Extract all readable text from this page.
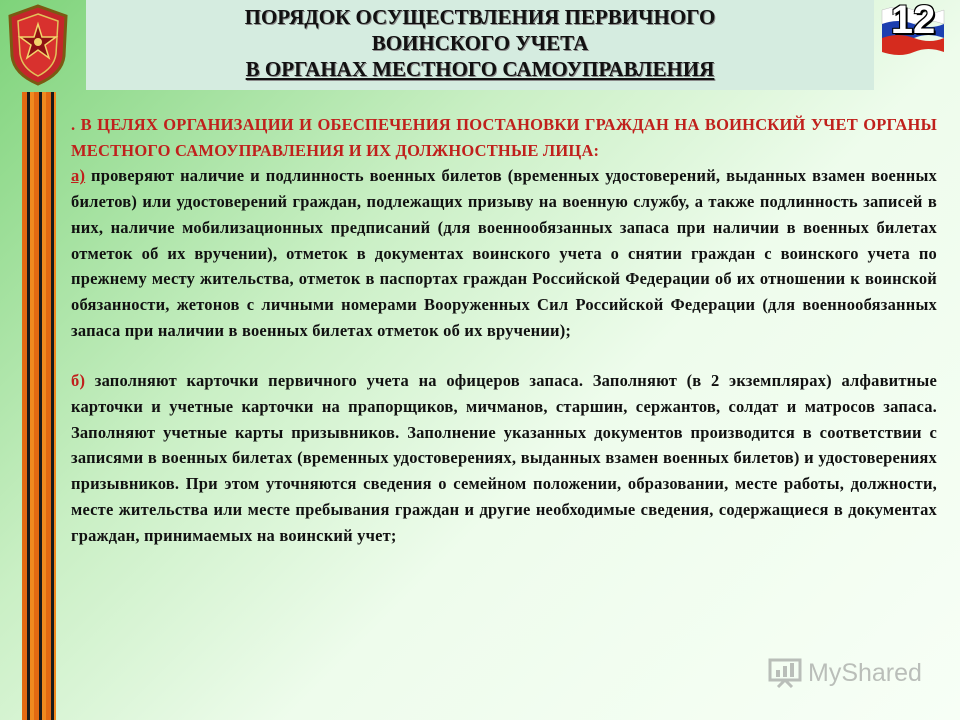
ПОРЯДОК ОСУЩЕСТВЛЕНИЯ ПЕРВИЧНОГО
ВОИНСКОГО УЧЕТА
В ОРГАНАХ МЕСТНОГО САМОУПРАВЛЕНИЯ
12

. В ЦЕЛЯХ ОРГАНИЗАЦИИ И ОБЕСПЕЧЕНИЯ ПОСТАНОВКИ ГРАЖДАН НА ВОИНСКИЙ УЧЕТ ОРГАНЫ МЕСТНОГО САМОУПРАВЛЕНИЯ И ИХ ДОЛЖНОСТНЫЕ ЛИЦА:

а) проверяют наличие и подлинность военных билетов (временных удостоверений, выданных взамен военных билетов) или удостоверений граждан, подлежащих призыву на военную службу, а также подлинность записей в них, наличие мобилизационных предписаний (для военнообязанных запаса при наличии в военных билетах отметок об их вручении), отметок в документах воинского учета о снятии граждан с воинского учета по прежнему месту жительства, отметок в паспортах граждан Российской Федерации об их отношении к воинской обязанности, жетонов с личными номерами Вооруженных Сил Российской Федерации (для военнообязанных запаса при наличии в военных билетах отметок об их вручении);

б) заполняют карточки первичного учета на офицеров запаса. Заполняют (в 2 экземплярах) алфавитные карточки и учетные карточки на прапорщиков, мичманов, старшин, сержантов, солдат и матросов запаса. Заполняют учетные карты призывников. Заполнение указанных документов производится в соответствии с записями в военных билетах (временных удостоверениях, выданных взамен военных билетов) и удостоверениях призывников. При этом уточняются сведения о семейном положении, образовании, месте работы, должности, месте жительства или месте пребывания граждан и другие необходимые сведения, содержащиеся в документах граждан, принимаемых на воинский учет;

MyShared
